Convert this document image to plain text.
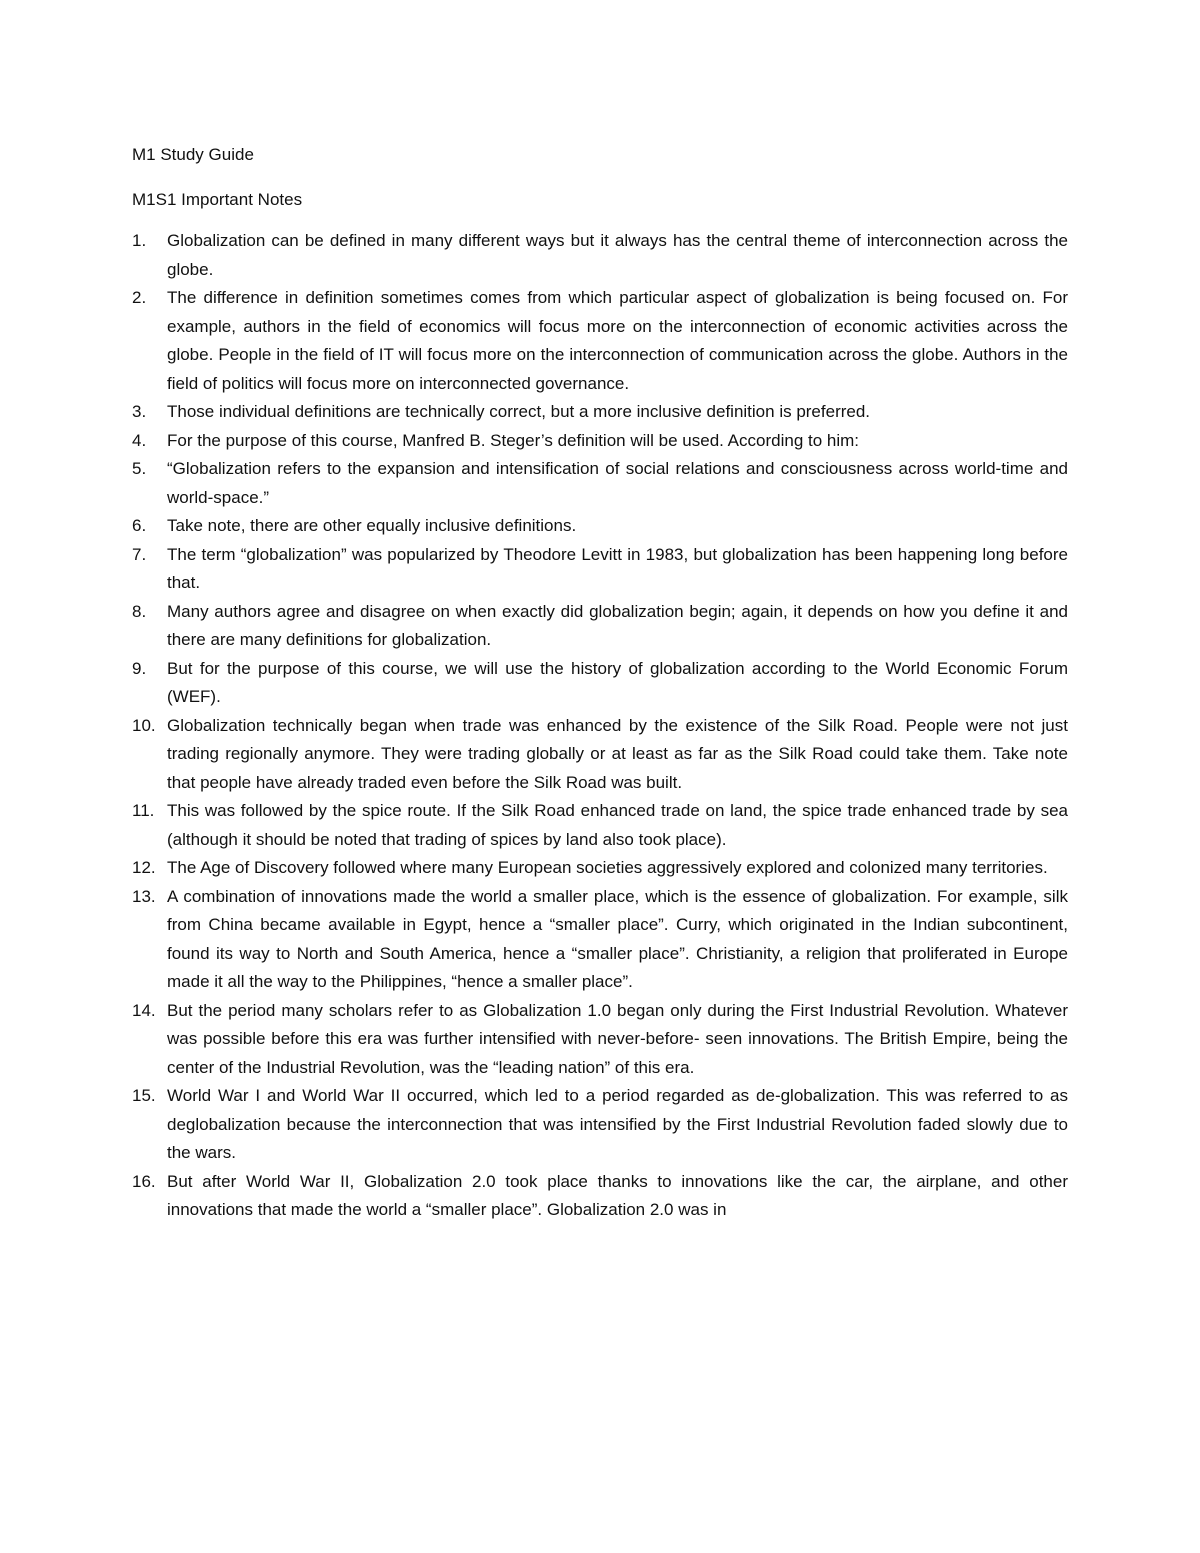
M1 Study Guide
M1S1 Important Notes
1.	Globalization can be defined in many different ways but it always has the central theme of interconnection across the globe.
2.	The difference in definition sometimes comes from which particular aspect of globalization is being focused on. For example, authors in the field of economics will focus more on the interconnection of economic activities across the globe. People in the field of IT will focus more on the interconnection of communication across the globe. Authors in the field of politics will focus more on interconnected governance.
3.	Those individual definitions are technically correct, but a more inclusive definition is preferred.
4.	For the purpose of this course, Manfred B. Steger’s definition will be used. According to him:
5.	“Globalization refers to the expansion and intensification of social relations and consciousness across world-time and world-space.”
6.	Take note, there are other equally inclusive definitions.
7.	The term “globalization” was popularized by Theodore Levitt in 1983, but globalization has been happening long before that.
8.	Many authors agree and disagree on when exactly did globalization begin; again, it depends on how you define it and there are many definitions for globalization.
9.	But for the purpose of this course, we will use the history of globalization according to the World Economic Forum (WEF).
10. Globalization technically began when trade was enhanced by the existence of the Silk Road. People were not just trading regionally anymore. They were trading globally or at least as far as the Silk Road could take them. Take note that people have already traded even before the Silk Road was built.
11. This was followed by the spice route. If the Silk Road enhanced trade on land, the spice trade enhanced trade by sea (although it should be noted that trading of spices by land also took place).
12. The Age of Discovery followed where many European societies aggressively explored and colonized many territories.
13. A combination of innovations made the world a smaller place, which is the essence of globalization. For example, silk from China became available in Egypt, hence a “smaller place”. Curry, which originated in the Indian subcontinent, found its way to North and South America, hence a “smaller place”. Christianity, a religion that proliferated in Europe made it all the way to the Philippines, “hence a smaller place”.
14. But the period many scholars refer to as Globalization 1.0 began only during the First Industrial Revolution. Whatever was possible before this era was further intensified with never-before- seen innovations. The British Empire, being the center of the Industrial Revolution, was the “leading nation” of this era.
15. World War I and World War II occurred, which led to a period regarded as de-globalization. This was referred to as deglobalization because the interconnection that was intensified by the First Industrial Revolution faded slowly due to the wars.
16. But after World War II, Globalization 2.0 took place thanks to innovations like the car, the airplane, and other innovations that made the world a “smaller place”. Globalization 2.0 was in
